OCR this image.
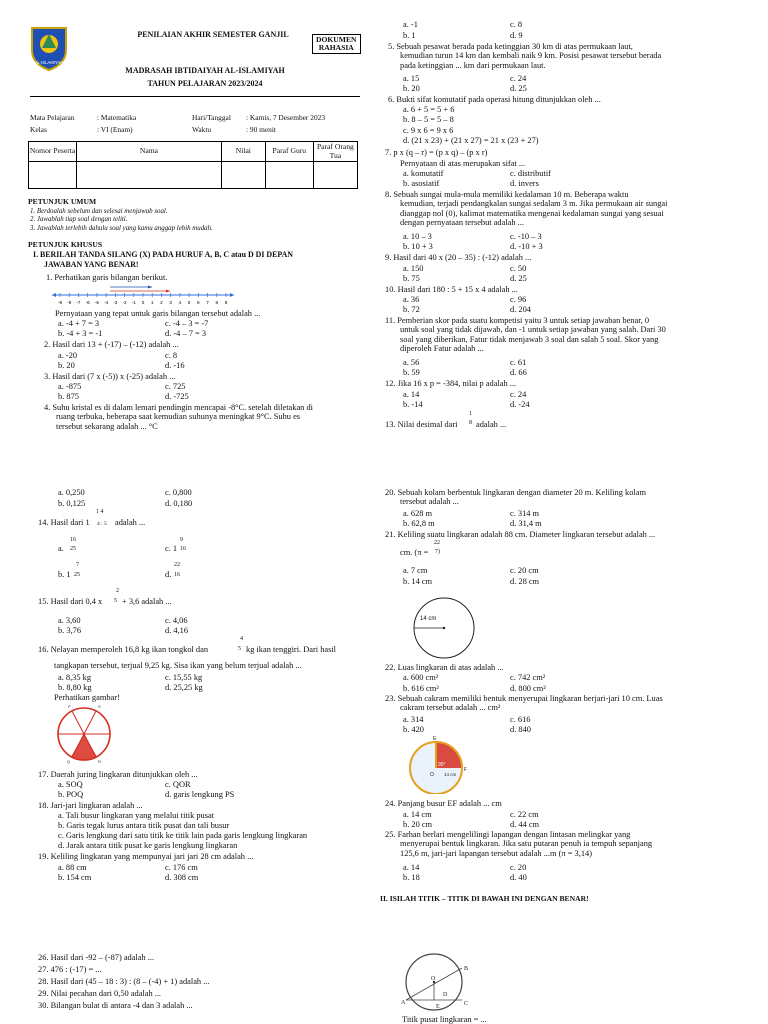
AL-ISLAMIYAH
PENILAIAN AKHIR SEMESTER GANJIL
DOKUMEN
RAHASIA
MADRASAH IBTIDAIYAH AL-ISLAMIYAH
TAHUN PELAJARAN 2023/2024
Mata Pelajaran	: Matematika
Kelas	: VI (Enam)
Hari/Tanggal : Kamis, 7 Desember 2023
Waktu	: 90 menit
Nomor Peserta	Nama	Nilai	Paraf Guru	Paraf Orang Tua

PETUNJUK UMUM
1. Berdoalah sebelum dan selesai menjawab soal.
2. Jawablah tiap soal dengan teliti.
3. Jawablah terlebih dahulu soal yang kamu anggap lebih mudah.
PETUNJUK KHUSUS
I. BERILAH TANDA SILANG (X) PADA HURUF A, B, C atau D DI DEPAN
JAWABAN YANG BENAR!
1. Perhatikan garis bilangan berikut.
-9 -8 -7 -6 -5 -4 -3 -2 -1 0 1 2 3 4 5 6 7 8 9
Pernyataan yang tepat untuk garis bilangan tersebut adalah ...
a. -4 + 7 = 3	c. -4 – 3 = -7
b. -4 + 3 = -1	d. -4 – 7 = 3
2. Hasil dari 13 + (-17) – (-12) adalah ...
a. -20	c. 8
b. 20	d. -16
3. Hasil dari (7 x (-5)) x (-25) adalah ...
a. -875	c. 725
b. 875	d. -725
4. Suhu kristal es di dalam lemari pendingin mencapai -8°C. setelah diletakan di
ruang terbuka, beberapa saat kemudian suhunya meningkat 9°C. Suhu es
tersebut sekarang adalah ... °C
a. 0,250	c. 0,800
b. 0,125	d. 0,180
14. Hasil dari 1
1 4
4 : 5 adalah ...
a.
16
25	c. 1
9
16
b. 1
7
25	d.
22
16
15. Hasil dari 0,4 x
2
5 + 3,6 adalah ...
a. 3,60	c. 4,06
b. 3,76	d. 4,16
16. Nelayan memperoleh 16,8 kg ikan tongkol dan
4
5 kg ikan tenggiri. Dari hasil
tangkapan tersebut, terjual 9,25 kg. Sisa ikan yang belum terjual adalah ...
a. 8,35 kg	c. 15,55 kg
b. 8,80 kg	d. 25,25 kg
Perhatikan gambar!
P	S
Q	R
17. Daerah juring lingkaran ditunjukkan oleh ...
a. SOQ	c. QOR
b. POQ	d. garis lengkung PS
18. Jari-jari lingkaran adalah ...
a. Tali busur lingkaran yang melalui titik pusat
b. Garis tegak lurus antara titik pusat dan tali busur
c. Garis lengkung dari satu titik ke titik lain pada garis lengkung lingkaran
d. Jarak antara titik pusat ke garis lengkung lingkaran
19. Keliling lingkaran yang mempunyai jari jari 28 cm adalah ...
a. 88 cm	c. 176 cm
b. 154 cm	d. 308 cm
26. Hasil dari -92 – (-87) adalah ...
27. 476 : (-17) = ...
28. Hasil dari (45 – 18 : 3) : (8 – (-4) + 1) adalah ...
29. Nilai pecahan dari 0,50 adalah ...
30. Bilangan bulat di antara -4 dan 3 adalah ...
a. -1	c. 8
b. 1	d. 9
5. Sebuah pesawat berada pada ketinggian 30 km di atas permukaan laut,
kemudian turun 14 km dan kembali naik 9 km. Posisi pesawat tersebut berada
pada ketinggian ... km dari permukaan laut.
a. 15	c. 24
b. 20	d. 25
6. Bukti sifat komutatif pada operasi hitung ditunjukkan oleh ...
a. 6 + 5 = 5 + 6
b. 8 – 5 = 5 – 8
c. 9 x 6 = 9 x 6
d. (21 x 23) + (21 x 27) = 21 x (23 + 27)
7. p x (q – r) = (p x q) – (p x r)
Pernyataan di atas merupakan sifat ...
a. komutatif	c. distributif
b. asosiatif	d. invers
8. Sebuah sungai mula-mula memiliki kedalaman 10 m. Beberapa waktu
kemudian, terjadi pendangkalan sungai sedalam 3 m. Jika permukaan air sungai
dianggap nol (0), kalimat matematika mengenai kedalaman sungai yang sesuai
dengan pernyataan tersebut adalah ...
a. 10 – 3	c. -10 – 3
b. 10 + 3	d. -10 + 3
9. Hasil dari 40 x (20 – 35) : (-12) adalah ...
a. 150	c. 50
b. 75	d. 25
10. Hasil dari 180 : 5 + 15 x 4 adalah ...
a. 36	c. 96
b. 72	d. 204
11. Pemberian skor pada suatu kompetisi yaitu 3 untuk setiap jawaban benar, 0
untuk soal yang tidak dijawab, dan -1 untuk setiap jawaban yang salah. Dari 30
soal yang diberikan, Fatur tidak menjawab 3 soal dan salah 5 soal. Skor yang
diperoleh Fatur adalah ...
a. 56	c. 61
b. 59	d. 66
12. Jika 16 x p = -384, nilai p adalah ...
a. 14	c. 24
b. -14	d. -24
13. Nilai desimal dari
1
8 adalah ...
20. Sebuah kolam berbentuk lingkaran dengan diameter 20 m. Keliling kolam
tersebut adalah ...
a. 628 m	c. 314 m
b. 62,8 m	d. 31,4 m
21. Keliling suatu lingkaran adalah 88 cm. Diameter lingkaran tersebut adalah ...
cm. (π =
22
7)
a. 7 cm	c. 20 cm
b. 14 cm	d. 28 cm
14 cm
22. Luas lingkaran di atas adalah ...
a. 600 cm²	c. 742 cm²
b. 616 cm²	d. 800 cm²
23. Sebuah cakram memiliki bentuk menyerupai lingkaran berjari-jari 10 cm. Luas
cakram tersebut adalah ... cm²
a. 314	c. 616
b. 420	d. 840
90°
14 cm
E
F
O
24. Panjang busur EF adalah ... cm
a. 14 cm	c. 22 cm
b. 20 cm	d. 44 cm
25. Farhan berlari mengelilingi lapangan dengan lintasan melingkar yang
menyerupai bentuk lingkaran. Jika satu putaran penuh ia tempuh sepanjang
125,6 m, jari-jari lapangan tersebut adalah ...m (π = 3,14)
a. 14	c. 20
b. 18	d. 40
II. ISILAH TITIK – TITIK DI BAWAH INI DENGAN BENAR!
B
A	C
O
E
D
Titik pusat lingkaran = ...
